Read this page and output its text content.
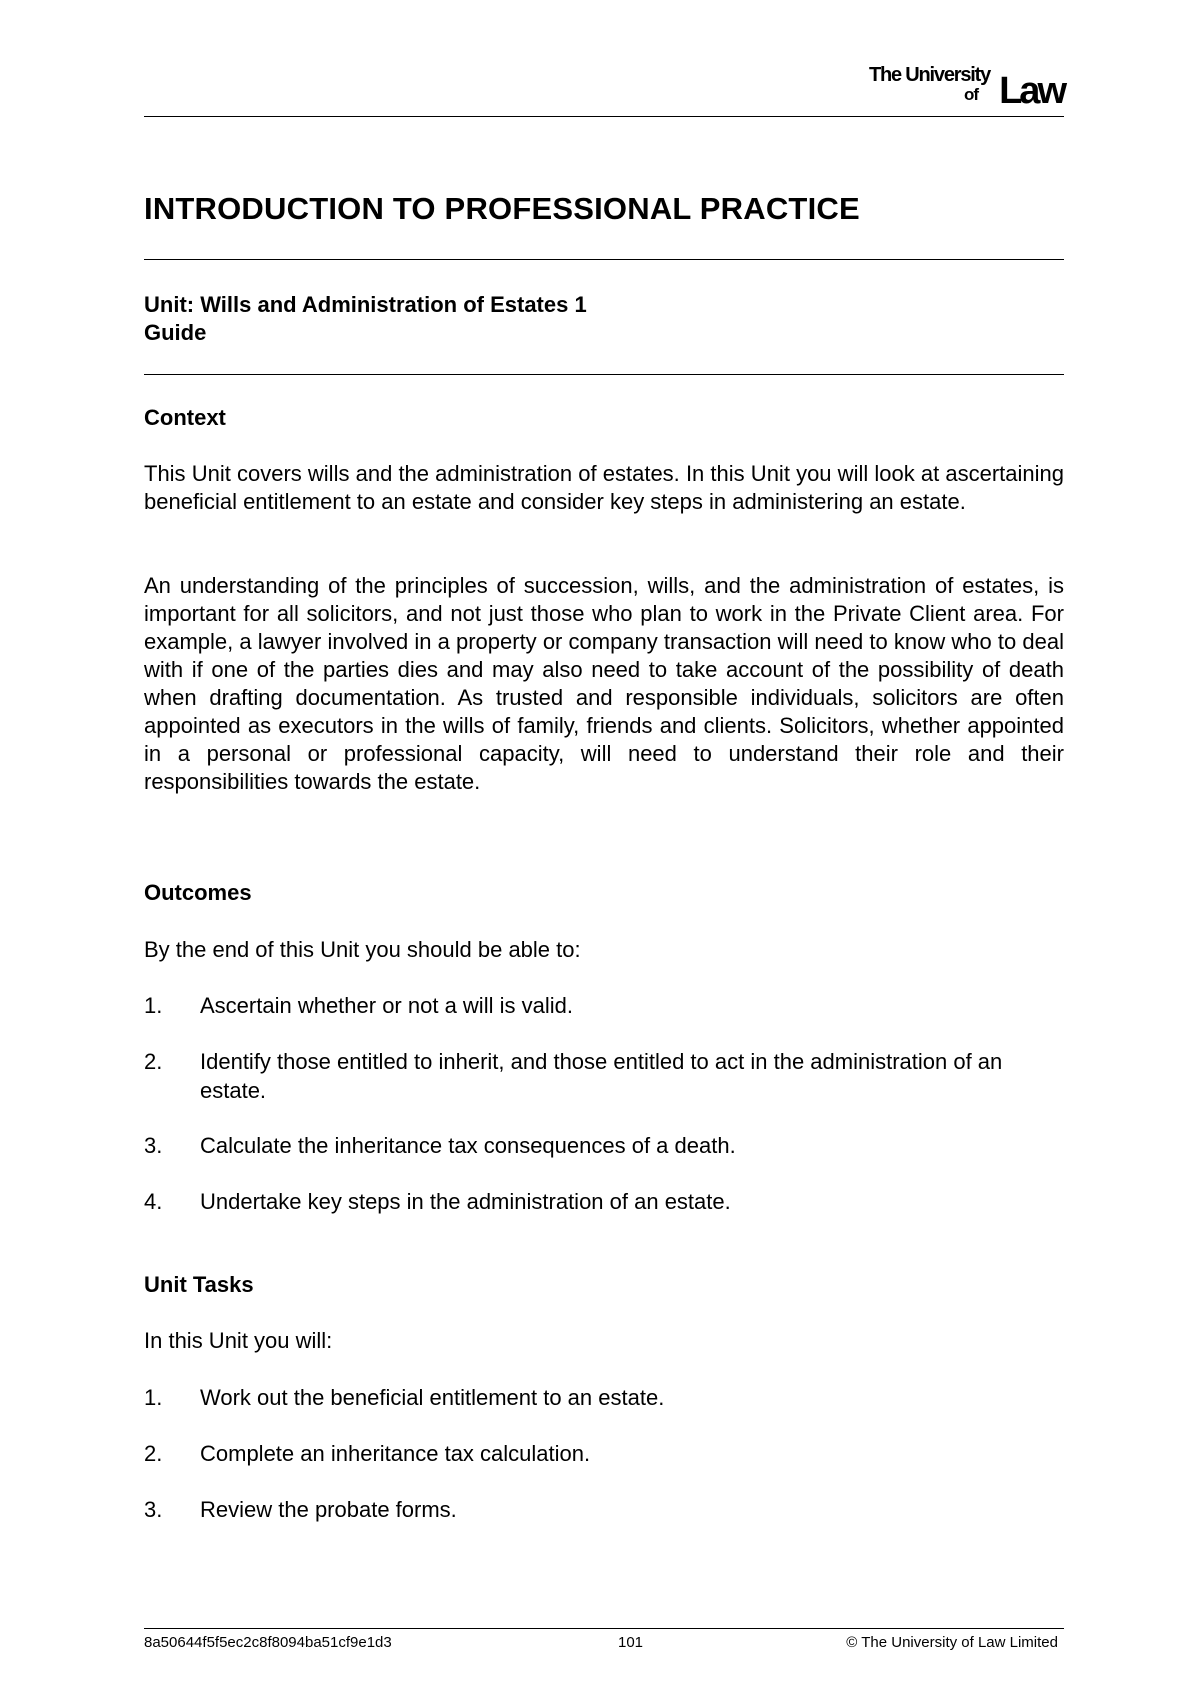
The University
of Law
INTRODUCTION TO PROFESSIONAL PRACTICE
Unit: Wills and Administration of Estates 1
Guide
Context

This Unit covers wills and the administration of estates. In this Unit you will look at ascertaining beneficial entitlement to an estate and consider key steps in administering an estate.

An understanding of the principles of succession, wills, and the administration of estates, is important for all solicitors, and not just those who plan to work in the Private Client area. For example, a lawyer involved in a property or company transaction will need to know who to deal with if one of the parties dies and may also need to take account of the possibility of death when drafting documentation. As trusted and responsible individuals, solicitors are often appointed as executors in the wills of family, friends and clients. Solicitors, whether appointed in a personal or professional capacity, will need to understand their role and their responsibilities towards the estate.

Outcomes

By the end of this Unit you should be able to:

1. Ascertain whether or not a will is valid.
2. Identify those entitled to inherit, and those entitled to act in the administration of an estate.
3. Calculate the inheritance tax consequences of a death.
4. Undertake key steps in the administration of an estate.
Unit Tasks

In this Unit you will:

1. Work out the beneficial entitlement to an estate.
2. Complete an inheritance tax calculation.
3. Review the probate forms.
8a50644f5f5ec2c8f8094ba51cf9e1d3	101	© The University of Law Limited
